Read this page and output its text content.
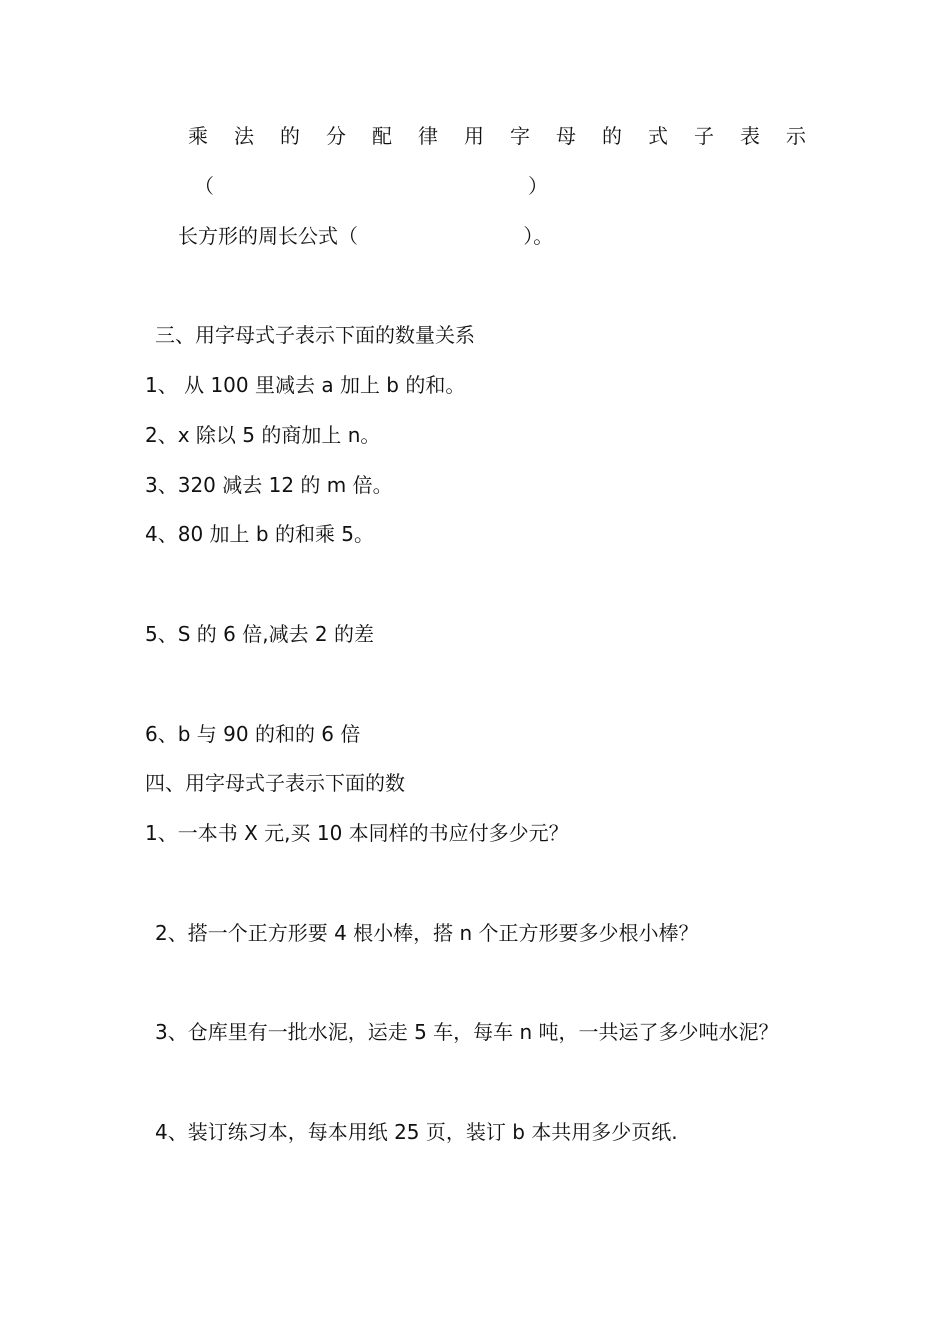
乘 法 的 分 配 律 用 字 母 的 式 子 表 示
（	）
长方形的周长公式（                          ）。
三、用字母式子表示下面的数量关系
1、 从 100 里减去 a 加上 b 的和。
2、x 除以 5 的商加上 n。
3、320 减去 12 的 m 倍。
4、80 加上 b 的和乘 5。
5、S 的 6 倍,减去 2 的差
6、b 与 90 的和的 6 倍
四、用字母式子表示下面的数
1、一本书 X 元,买 10 本同样的书应付多少元？
2、搭一个正方形要 4 根小棒，搭 n 个正方形要多少根小棒？
3、仓库里有一批水泥，运走 5 车，每车 n 吨，一共运了多少吨水泥？
4、装订练习本，每本用纸 25 页，装订 b 本共用多少页纸.
